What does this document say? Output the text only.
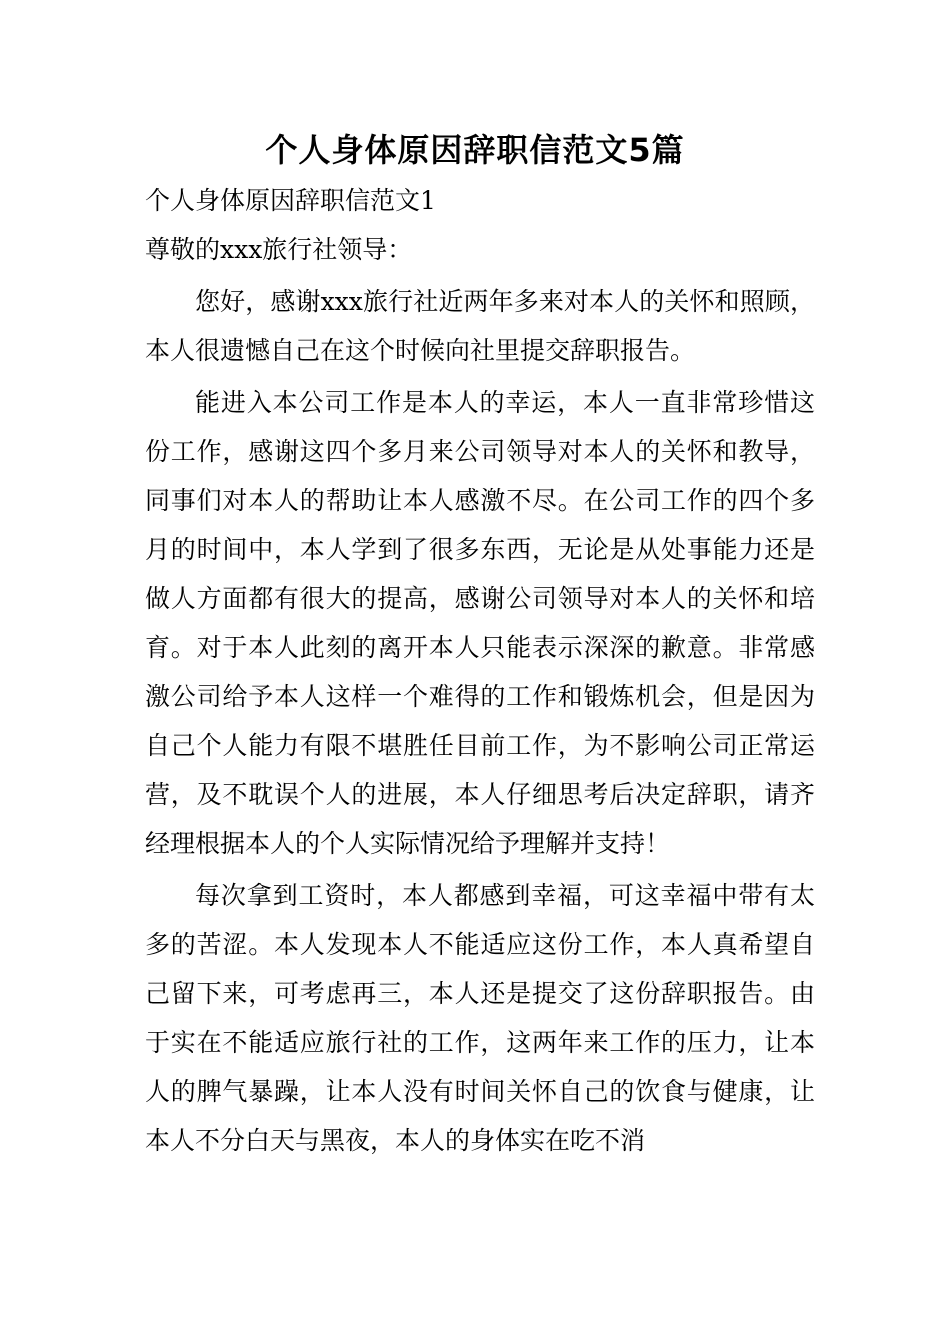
个人身体原因辞职信范文5篇

个人身体原因辞职信范文1

尊敬的xxx旅行社领导：

您好，感谢xxx旅行社近两年多来对本人的关怀和照顾，本人很遗憾自己在这个时候向社里提交辞职报告。

能进入本公司工作是本人的幸运，本人一直非常珍惜这份工作，感谢这四个多月来公司领导对本人的关怀和教导，同事们对本人的帮助让本人感激不尽。在公司工作的四个多月的时间中，本人学到了很多东西，无论是从处事能力还是做人方面都有很大的提高，感谢公司领导对本人的关怀和培育。对于本人此刻的离开本人只能表示深深的歉意。非常感激公司给予本人这样一个难得的工作和锻炼机会，但是因为自己个人能力有限不堪胜任目前工作，为不影响公司正常运营，及不耽误个人的进展，本人仔细思考后决定辞职，请齐经理根据本人的个人实际情况给予理解并支持！

每次拿到工资时，本人都感到幸福，可这幸福中带有太多的苦涩。本人发现本人不能适应这份工作，本人真希望自己留下来，可考虑再三，本人还是提交了这份辞职报告。由于实在不能适应旅行社的工作，这两年来工作的压力，让本人的脾气暴躁，让本人没有时间关怀自己的饮食与健康，让本人不分白天与黑夜，本人的身体实在吃不消
